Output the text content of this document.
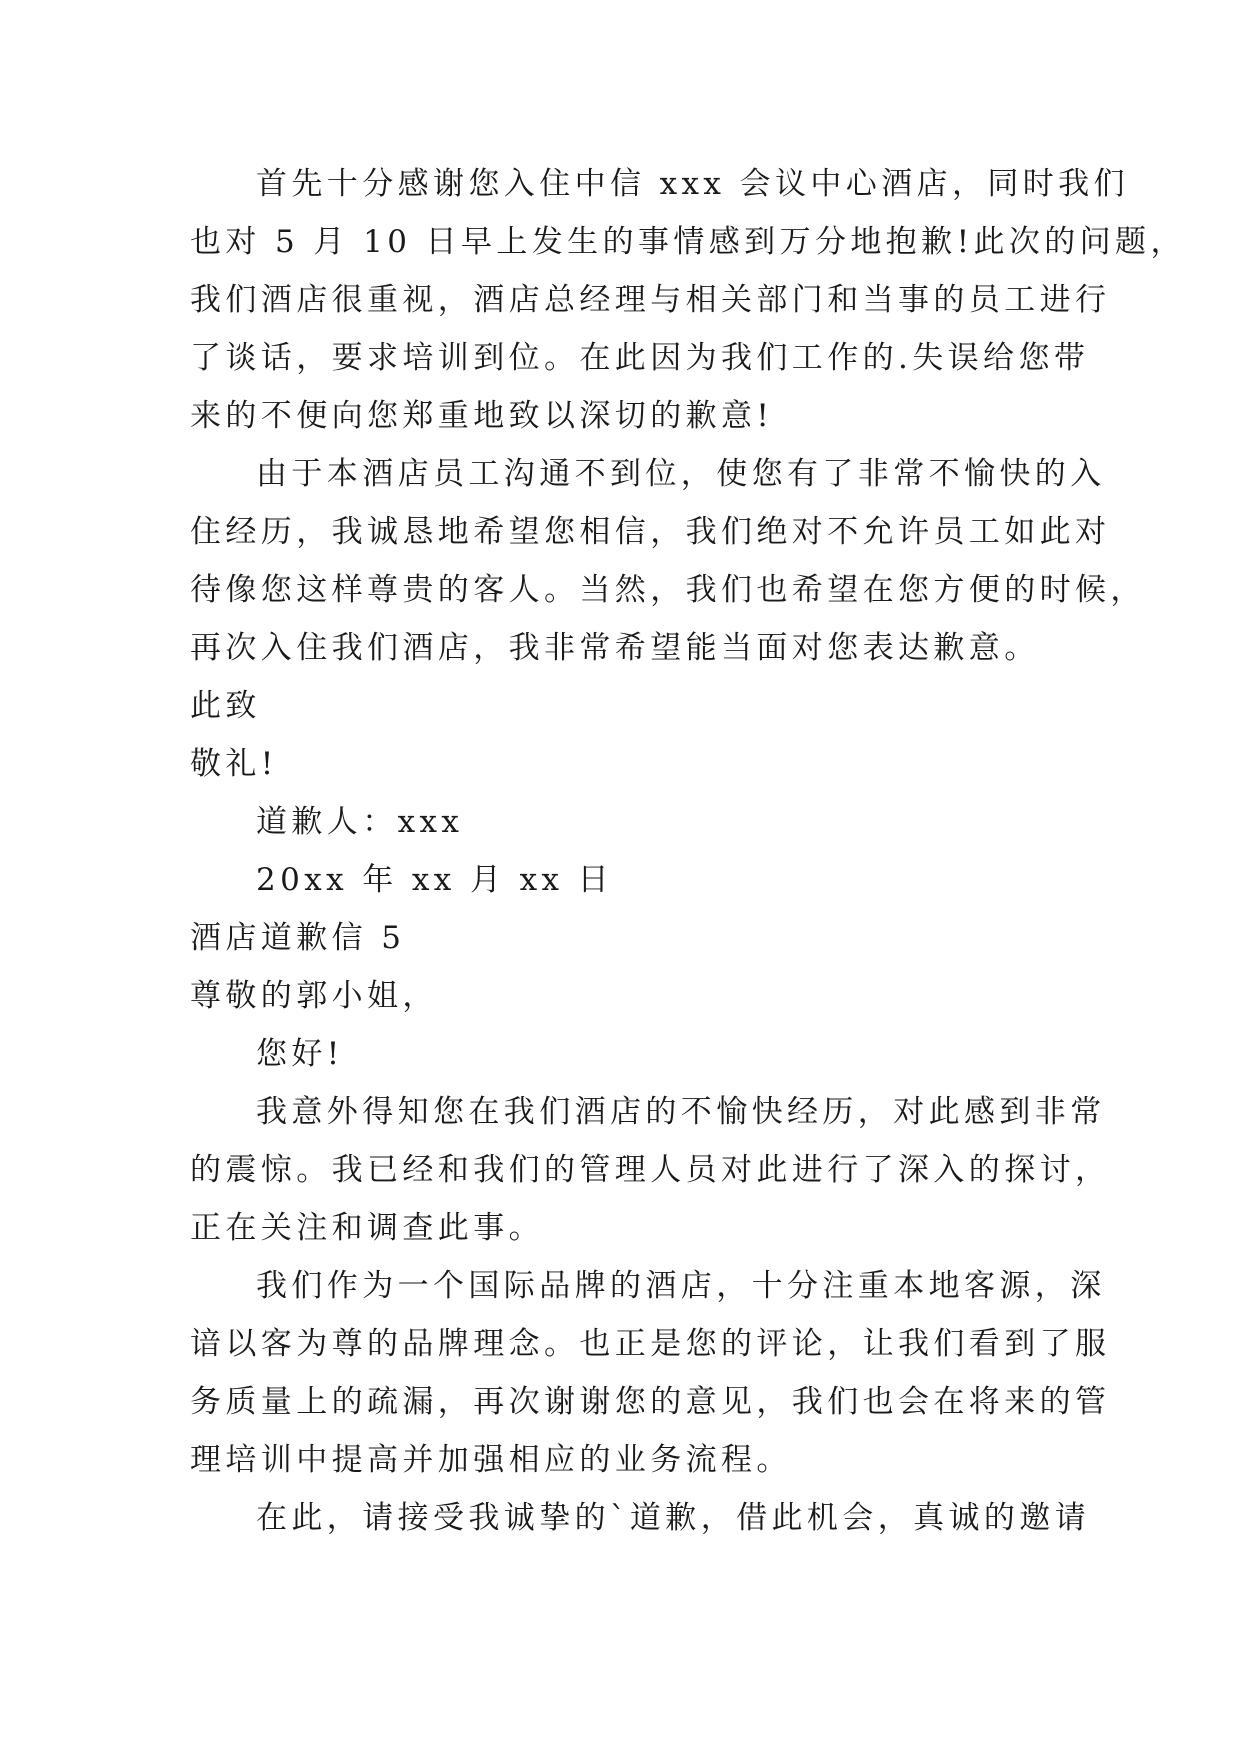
首先十分感谢您入住中信 xxx 会议中心酒店，同时我们
也对 5 月 10 日早上发生的事情感到万分地抱歉!此次的问题，
我们酒店很重视，酒店总经理与相关部门和当事的员工进行
了谈话，要求培训到位。在此因为我们工作的.失误给您带
来的不便向您郑重地致以深切的歉意!
由于本酒店员工沟通不到位，使您有了非常不愉快的入
住经历，我诚恳地希望您相信，我们绝对不允许员工如此对
待像您这样尊贵的客人。当然，我们也希望在您方便的时候，
再次入住我们酒店，我非常希望能当面对您表达歉意。
此致
敬礼!
道歉人：xxx
20xx 年 xx 月 xx 日
酒店道歉信 5
尊敬的郭小姐，
您好!
我意外得知您在我们酒店的不愉快经历，对此感到非常
的震惊。我已经和我们的管理人员对此进行了深入的探讨，
正在关注和调查此事。
我们作为一个国际品牌的酒店，十分注重本地客源，深
谙以客为尊的品牌理念。也正是您的评论，让我们看到了服
务质量上的疏漏，再次谢谢您的意见，我们也会在将来的管
理培训中提高并加强相应的业务流程。
在此，请接受我诚挚的`道歉，借此机会，真诚的邀请
